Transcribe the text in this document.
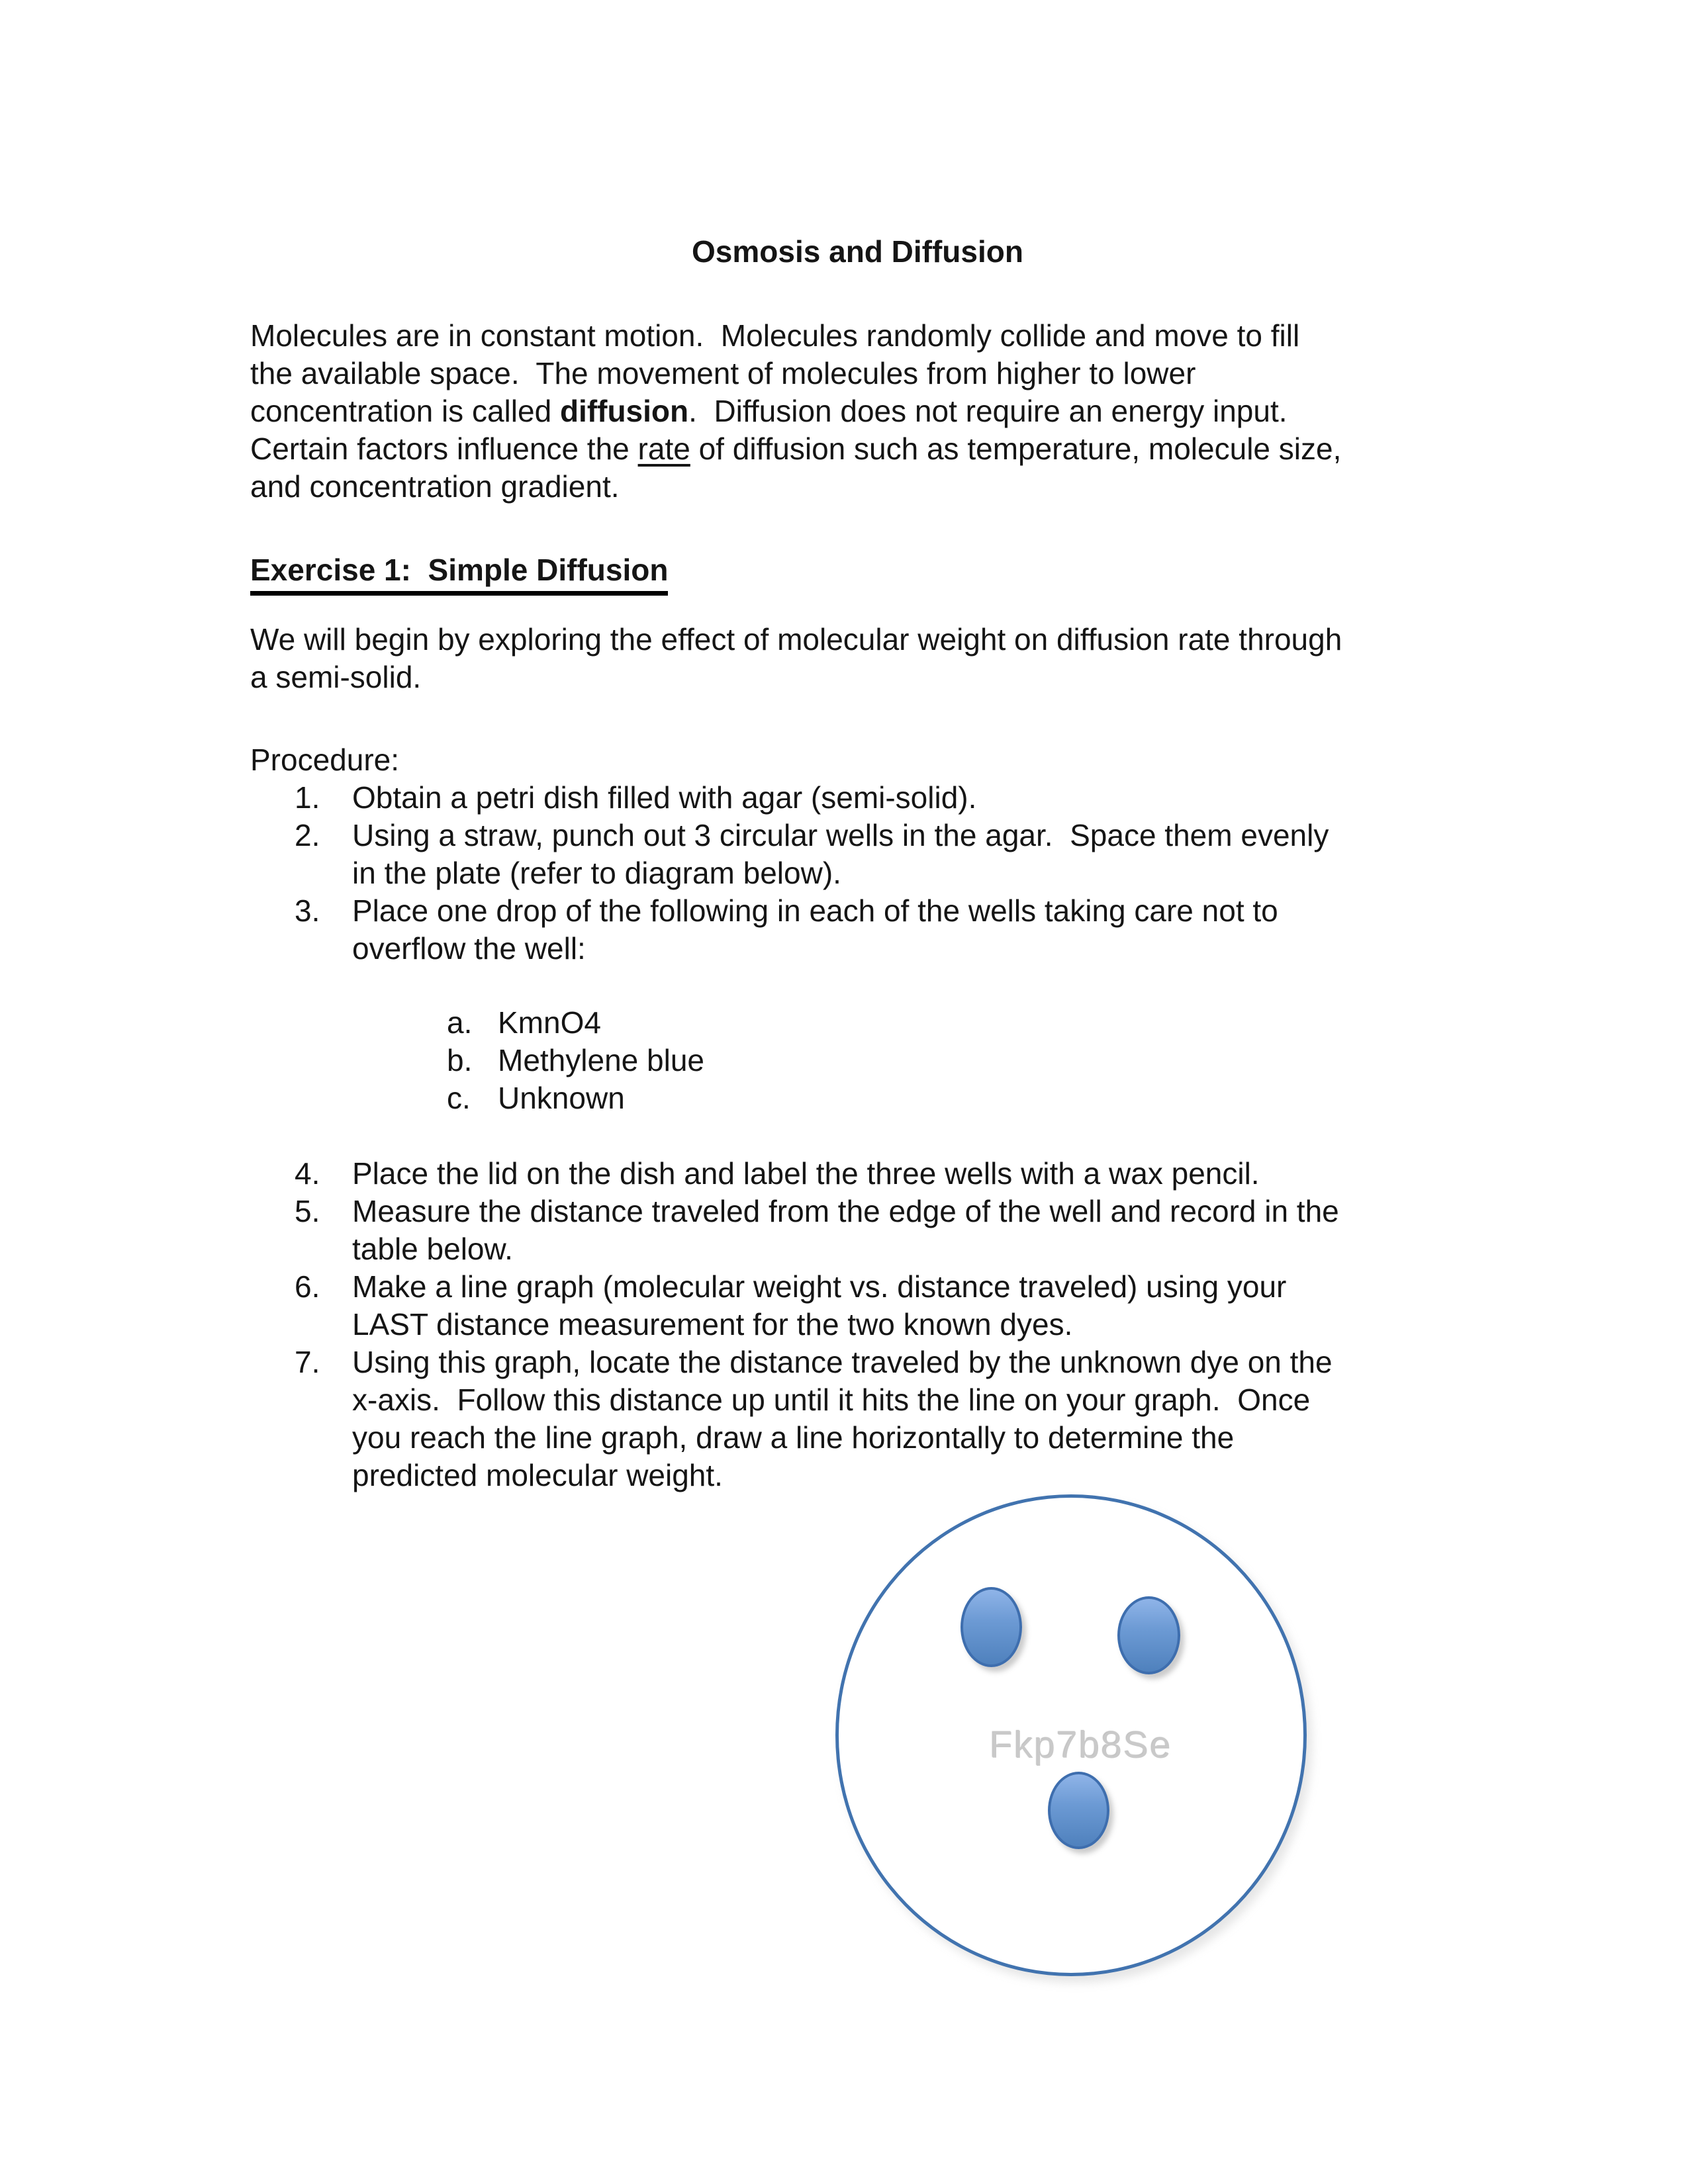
Osmosis and Diffusion
Molecules are in constant motion.  Molecules randomly collide and move to fill
the available space.  The movement of molecules from higher to lower
concentration is called diffusion.  Diffusion does not require an energy input.
Certain factors influence the rate of diffusion such as temperature, molecule size,
and concentration gradient.
Exercise 1:  Simple Diffusion
We will begin by exploring the effect of molecular weight on diffusion rate through
a semi-solid.
Procedure:
1. Obtain a petri dish filled with agar (semi-solid).
2. Using a straw, punch out 3 circular wells in the agar.  Space them evenly
in the plate (refer to diagram below).
3. Place one drop of the following in each of the wells taking care not to
overflow the well:
a. KmnO4
b. Methylene blue
c. Unknown
4. Place the lid on the dish and label the three wells with a wax pencil.
5. Measure the distance traveled from the edge of the well and record in the
table below.
6. Make a line graph (molecular weight vs. distance traveled) using your
LAST distance measurement for the two known dyes.
7. Using this graph, locate the distance traveled by the unknown dye on the
x-axis.  Follow this distance up until it hits the line on your graph.  Once
you reach the line graph, draw a line horizontally to determine the
predicted molecular weight.
Fkp7b8Se
